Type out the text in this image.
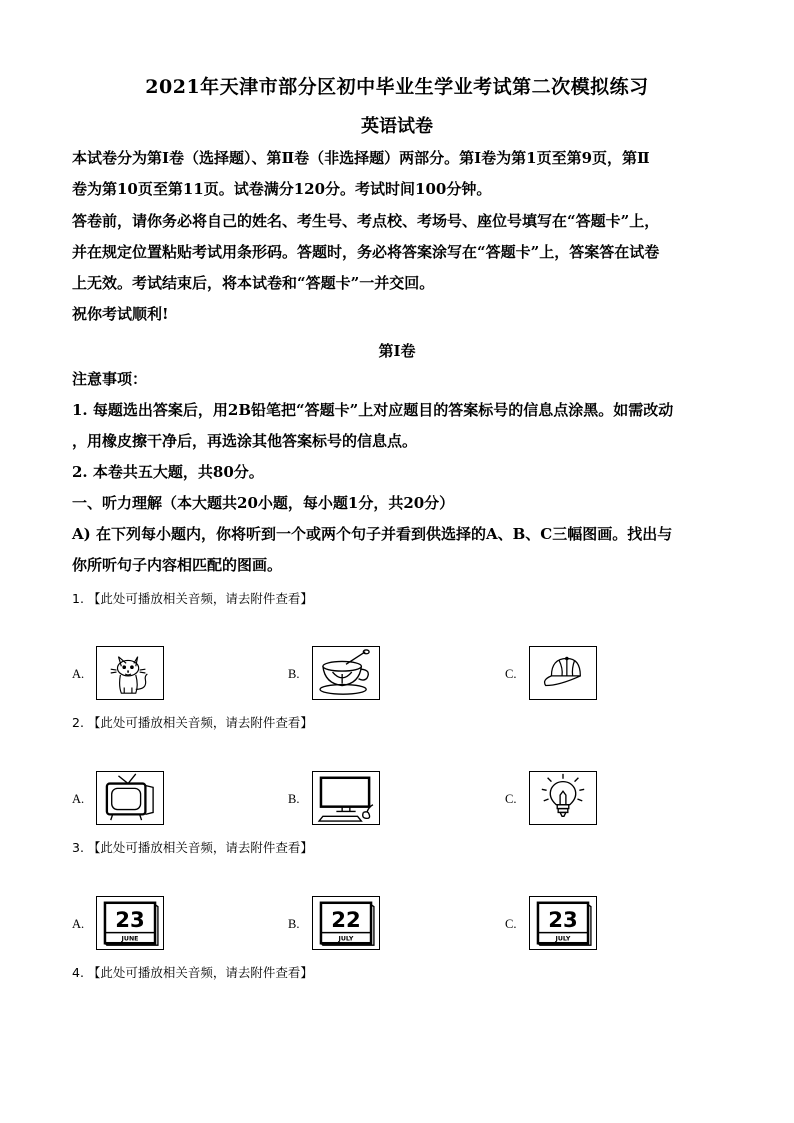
2021年天津市部分区初中毕业生学业考试第二次模拟练习
英语试卷
本试卷分为第Ⅰ卷（选择题）、第Ⅱ卷（非选择题）两部分。第Ⅰ卷为第1页至第9页，第Ⅱ
卷为第10页至第11页。试卷满分120分。考试时间100分钟。
答卷前，请你务必将自己的姓名、考生号、考点校、考场号、座位号填写在“答题卡”上，
并在规定位置粘贴考试用条形码。答题时，务必将答案涂写在“答题卡”上，答案答在试卷
上无效。考试结束后，将本试卷和“答题卡”一并交回。
祝你考试顺利!
第Ⅰ卷
注意事项：
1. 每题选出答案后，用2B铅笔把“答题卡”上对应题目的答案标号的信息点涂黑。如需改动
，用橡皮擦干净后，再选涂其他答案标号的信息点。
2. 本卷共五大题，共80分。
一、听力理解（本大题共20小题，每小题1分，共20分）
A) 在下列每小题内，你将听到一个或两个句子并看到供选择的A、B、C三幅图画。找出与
你所听句子内容相匹配的图画。
1. 【此处可播放相关音频，请去附件查看】
A.	B.	C.
2. 【此处可播放相关音频，请去附件查看】
A.	B.	C.
3. 【此处可播放相关音频，请去附件查看】
A. 23
JUNE
B. 22
JULY
C. 23
JULY
4. 【此处可播放相关音频，请去附件查看】
